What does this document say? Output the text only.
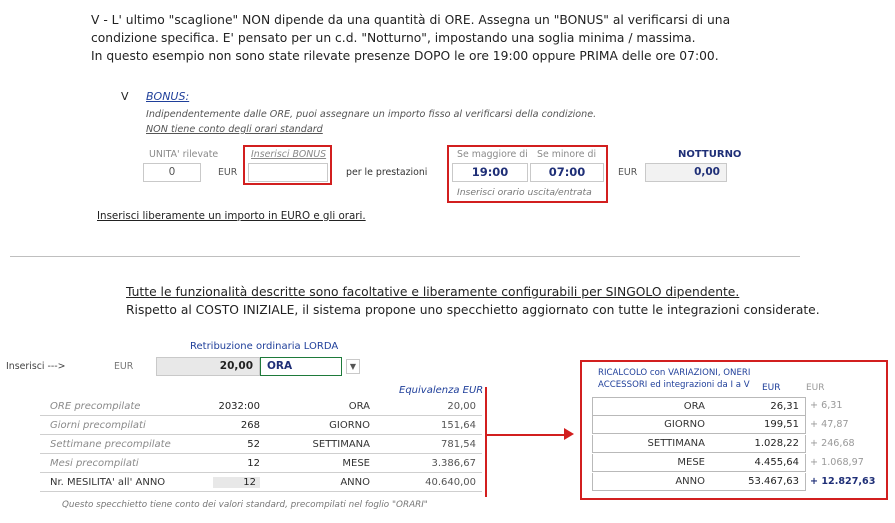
V - L' ultimo "scaglione" NON dipende da una quantità di ORE. Assegna un "BONUS" al verificarsi di una
condizione specifica. E' pensato per un c.d. "Notturno", impostando una soglia minima / massima.
In questo esempio non sono state rilevate presenze DOPO le ore 19:00 oppure PRIMA delle ore 07:00.
V BONUS:
Indipendentemente dalle ORE, puoi assegnare un importo fisso al verificarsi della condizione.
NON tiene conto degli orari standard
UNITA' rilevate
0	EUR
Inserisci BONUS
per le prestazioni
Se maggiore di Se minore di
19:00	07:00
Inserisci orario uscita/entrata
EUR
NOTTURNO
0,00
Inserisci liberamente un importo in EURO e gli orari.
Tutte le funzionalità descritte sono facoltative e liberamente configurabili per SINGOLO dipendente.
Rispetto al COSTO INIZIALE, il sistema propone uno specchietto aggiornato con tutte le integrazioni considerate.
Retribuzione ordinaria LORDA
Inserisci --->	EUR	20,00	ORA	▼
Equivalenza EUR
ORE precompilate	2032:00	ORA	20,00
Giorni precompilati	268	GIORNO	151,64
Settimane precompilate	52	SETTIMANA	781,54
Mesi precompilati	12	MESE	3.386,67
Nr. MESILITA' all' ANNO	12	ANNO	40.640,00
Questo specchietto tiene conto dei valori standard, precompilati nel foglio "ORARI"
RICALCOLO con VARIAZIONI, ONERI
ACCESSORI ed integrazioni da I a V EUR	EUR
ORA	26,31 + 6,31
GIORNO	199,51 + 47,87
SETTIMANA	1.028,22 + 246,68
MESE	4.455,64 + 1.068,97
ANNO	53.467,63 + 12.827,63
